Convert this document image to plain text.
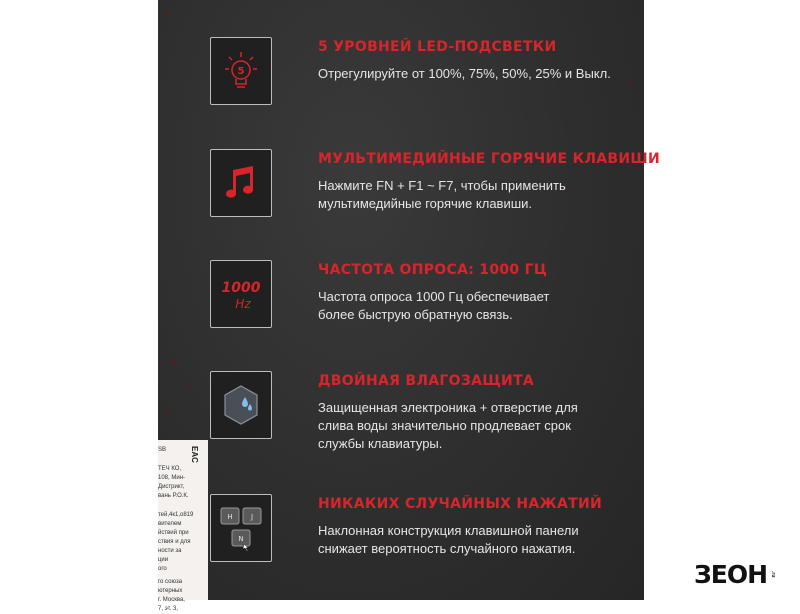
SB
ТЕЧ КО,
108, Мин-
Дистрикт,
вань Р.О.К.
тей,4к1,о819
вителем
йствий при
ствия и для
ности за
ции
ого
го союза
ютерных
г. Москва,
7, эт. 3,
EAC
5
5 УРОВНЕЙ LED-ПОДСВЕТКИ
Отрегулируйте от 100%, 75%, 50%, 25% и Выкл.
FN
МУЛЬТИМЕДИЙНЫЕ ГОРЯЧИЕ КЛАВИШИ
Нажмите FN + F1 ~ F7, чтобы применить
мультимедийные горячие клавиши.
1000
Hz
ЧАСТОТА ОПРОСА: 1000 ГЦ
Частота опроса 1000 Гц обеспечивает
более быструю обратную связь.
ДВОЙНАЯ ВЛАГОЗАЩИТА
Защищенная электроника + отверстие для
слива воды значительно продлевает срок
службы клавиатуры.
H	J
N
НИКАКИХ СЛУЧАЙНЫХ НАЖАТИЙ
Наклонная конструкция клавишной панели
снижает вероятность случайного нажатия.
ЗЕОН .ru
